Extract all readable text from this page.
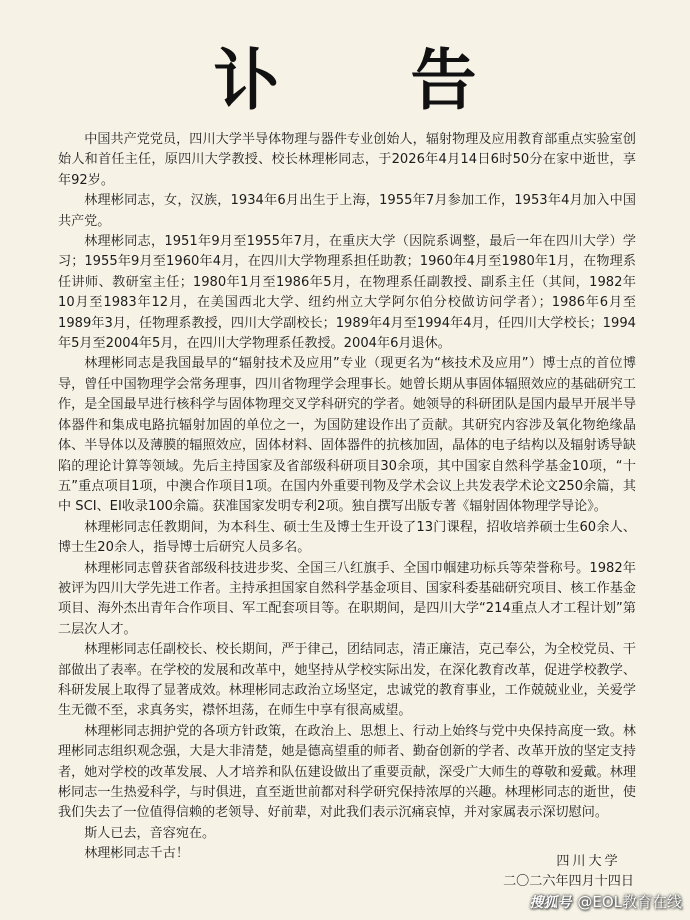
讣 告

中国共产党党员，四川大学半导体物理与器件专业创始人，辐射物理及应用教育部重点实验室创始人和首任主任，原四川大学教授、校长林理彬同志，于2026年4月14日6时50分在家中逝世，享年92岁。

林理彬同志，女，汉族，1934年6月出生于上海，1955年7月参加工作，1953年4月加入中国共产党。

林理彬同志，1951年9月至1955年7月，在重庆大学（因院系调整，最后一年在四川大学）学习；1955年9月至1960年4月，在四川大学物理系担任助教；1960年4月至1980年1月，在物理系任讲师、教研室主任；1980年1月至1986年5月，在物理系任副教授、副系主任（其间，1982年10月至1983年12月，在美国西北大学、纽约州立大学阿尔伯分校做访问学者）；1986年6月至1989年3月，任物理系教授，四川大学副校长；1989年4月至1994年4月，任四川大学校长；1994年5月至2004年5月，在四川大学物理系任教授。2004年6月退休。

林理彬同志是我国最早的“辐射技术及应用”专业（现更名为“核技术及应用”）博士点的首位博导，曾任中国物理学会常务理事，四川省物理学会理事长。她曾长期从事固体辐照效应的基础研究工作，是全国最早进行核科学与固体物理交叉学科研究的学者。她领导的科研团队是国内最早开展半导体器件和集成电路抗辐射加固的单位之一，为国防建设作出了贡献。其研究内容涉及氧化物绝缘晶体、半导体以及薄膜的辐照效应，固体材料、固体器件的抗核加固，晶体的电子结构以及辐射诱导缺陷的理论计算等领域。先后主持国家及省部级科研项目30余项，其中国家自然科学基金10项，“十五”重点项目1项，中澳合作项目1项。在国内外重要刊物及学术会议上共发表学术论文250余篇，其中 SCI、EI收录100余篇。获准国家发明专利2项。独自撰写出版专著《辐射固体物理学导论》。

林理彬同志任教期间，为本科生、硕士生及博士生开设了13门课程，招收培养硕士生60余人、博士生20余人，指导博士后研究人员多名。

林理彬同志曾获省部级科技进步奖、全国三八红旗手、全国巾帼建功标兵等荣誉称号。1982年被评为四川大学先进工作者。主持承担国家自然科学基金项目、国家科委基础研究项目、核工作基金项目、海外杰出青年合作项目、军工配套项目等。在职期间，是四川大学“214重点人才工程计划”第二层次人才。

林理彬同志任副校长、校长期间，严于律己，团结同志，清正廉洁，克己奉公，为全校党员、干部做出了表率。在学校的发展和改革中，她坚持从学校实际出发，在深化教育改革，促进学校教学、科研发展上取得了显著成效。林理彬同志政治立场坚定，忠诚党的教育事业，工作兢兢业业，关爱学生无微不至，求真务实，襟怀坦荡，在师生中享有很高威望。

林理彬同志拥护党的各项方针政策，在政治上、思想上、行动上始终与党中央保持高度一致。林理彬同志组织观念强，大是大非清楚，她是德高望重的师者、勤奋创新的学者、改革开放的坚定支持者，她对学校的改革发展、人才培养和队伍建设做出了重要贡献，深受广大师生的尊敬和爱戴。林理彬同志一生热爱科学，与时俱进，直至逝世前都对科学研究保持浓厚的兴趣。林理彬同志的逝世，使我们失去了一位值得信赖的老领导、好前辈，对此我们表示沉痛哀悼，并对家属表示深切慰问。

斯人已去，音容宛在。

林理彬同志千古！

四川大学
二〇二六年四月十四日
搜狐号 @EOL教育在线
